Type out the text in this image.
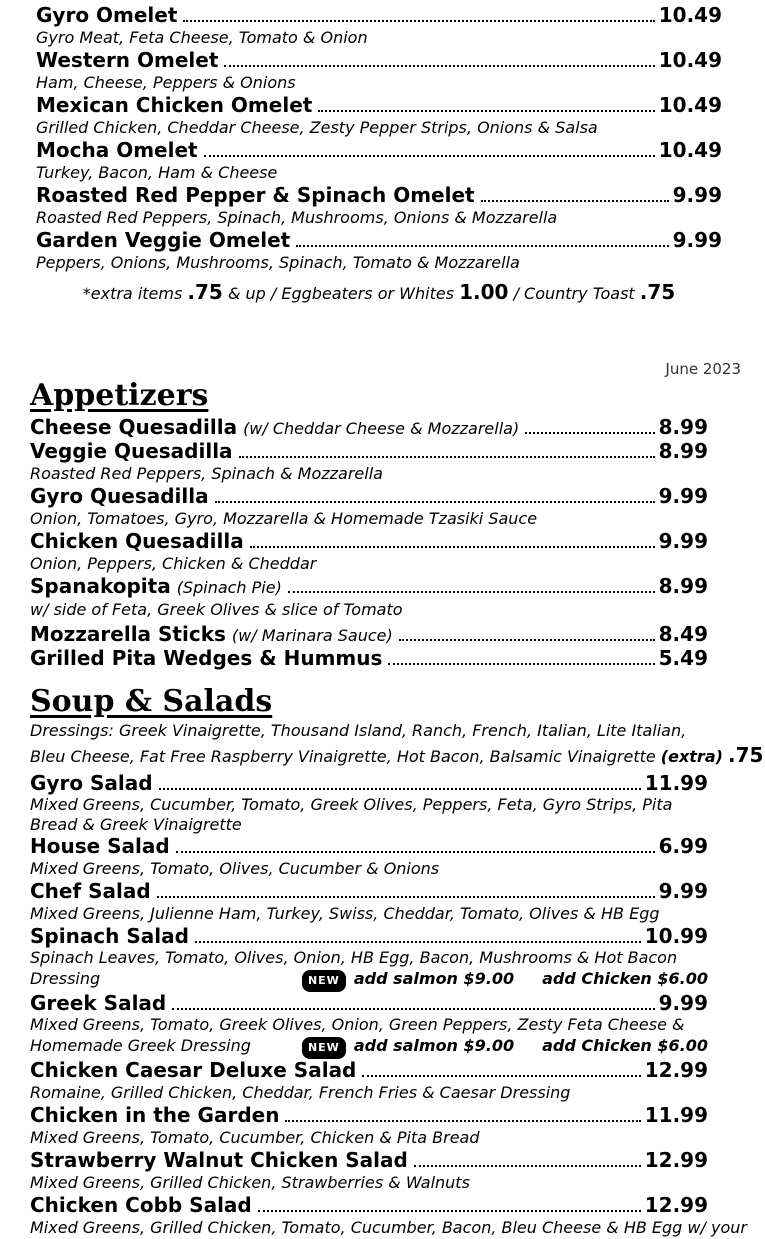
Gyro Omelet	10.49
Gyro Meat, Feta Cheese, Tomato & Onion
Western Omelet	10.49
Ham, Cheese, Peppers & Onions
Mexican Chicken Omelet	10.49
Grilled Chicken, Cheddar Cheese, Zesty Pepper Strips, Onions & Salsa
Mocha Omelet	10.49
Turkey, Bacon, Ham & Cheese
Roasted Red Pepper & Spinach Omelet	9.99
Roasted Red Peppers, Spinach, Mushrooms, Onions & Mozzarella
Garden Veggie Omelet	9.99
Peppers, Onions, Mushrooms, Spinach, Tomato & Mozzarella
*extra items .75 & up / Eggbeaters or Whites 1.00 / Country Toast .75
June 2023
Appetizers
Cheese Quesadilla (w/ Cheddar Cheese & Mozzarella)	8.99
Veggie Quesadilla	8.99
Roasted Red Peppers, Spinach & Mozzarella
Gyro Quesadilla	9.99
Onion, Tomatoes, Gyro, Mozzarella & Homemade Tzasiki Sauce
Chicken Quesadilla	9.99
Onion, Peppers, Chicken & Cheddar
Spanakopita (Spinach Pie)	8.99
w/ side of Feta, Greek Olives & slice of Tomato
Mozzarella Sticks (w/ Marinara Sauce)	8.49
Grilled Pita Wedges & Hummus	5.49
Soup & Salads
Dressings: Greek Vinaigrette, Thousand Island, Ranch, French, Italian, Lite Italian,
Bleu Cheese, Fat Free Raspberry Vinaigrette, Hot Bacon, Balsamic Vinaigrette (extra) .75
Gyro Salad	11.99
Mixed Greens, Cucumber, Tomato, Greek Olives, Peppers, Feta, Gyro Strips, Pita Bread & Greek Vinaigrette
House Salad	6.99
Mixed Greens, Tomato, Olives, Cucumber & Onions
Chef Salad	9.99
Mixed Greens, Julienne Ham, Turkey, Swiss, Cheddar, Tomato, Olives & HB Egg
Spinach Salad	10.99
Spinach Leaves, Tomato, Olives, Onion, HB Egg, Bacon, Mushrooms & Hot Bacon
Dressing	NEW add salmon $9.00 add Chicken $6.00
Greek Salad	9.99
Mixed Greens, Tomato, Greek Olives, Onion, Green Peppers, Zesty Feta Cheese &
Homemade Greek Dressing	NEW add salmon $9.00 add Chicken $6.00
Chicken Caesar Deluxe Salad	12.99
Romaine, Grilled Chicken, Cheddar, French Fries & Caesar Dressing
Chicken in the Garden	11.99
Mixed Greens, Tomato, Cucumber, Chicken & Pita Bread
Strawberry Walnut Chicken Salad	12.99
Mixed Greens, Grilled Chicken, Strawberries & Walnuts
Chicken Cobb Salad	12.99
Mixed Greens, Grilled Chicken, Tomato, Cucumber, Bacon, Bleu Cheese & HB Egg w/ your
